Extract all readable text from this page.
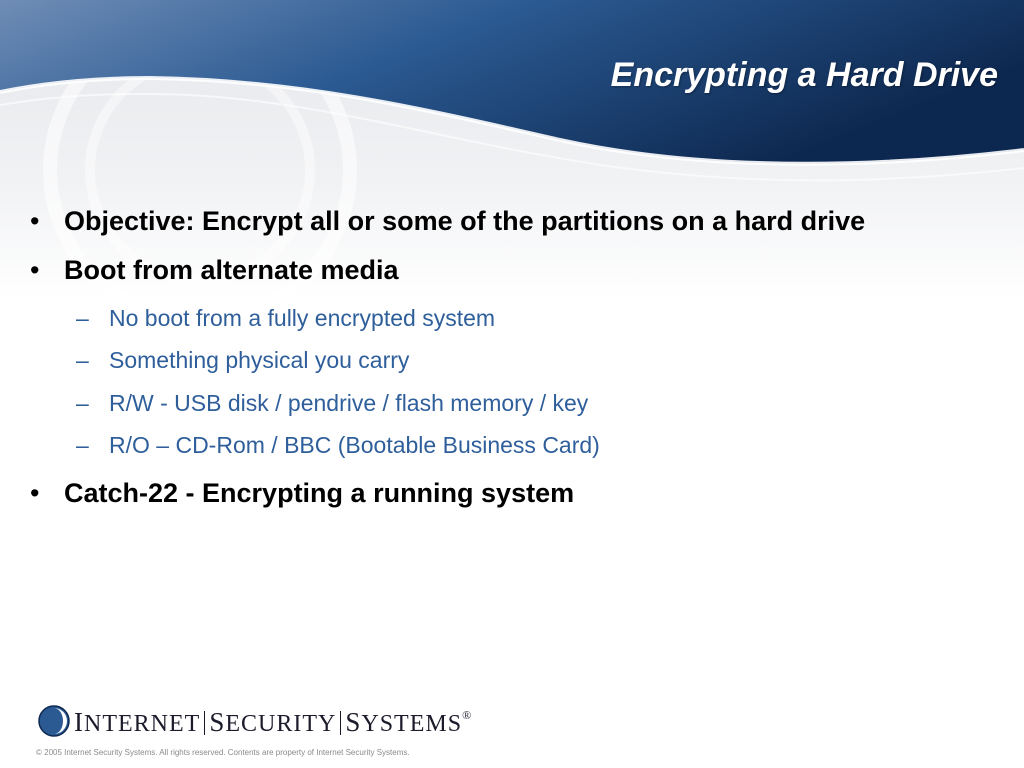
Encrypting a Hard Drive
• Objective: Encrypt all or some of the partitions on a hard drive
• Boot from alternate media
– No boot from a fully encrypted system
– Something physical you carry
– R/W - USB disk / pendrive / flash memory / key
– R/O – CD-Rom / BBC (Bootable Business Card)
• Catch-22 - Encrypting a running system
INTERNET SECURITY SYSTEMS®
© 2005 Internet Security Systems. All rights reserved. Contents are property of Internet Security Systems.
